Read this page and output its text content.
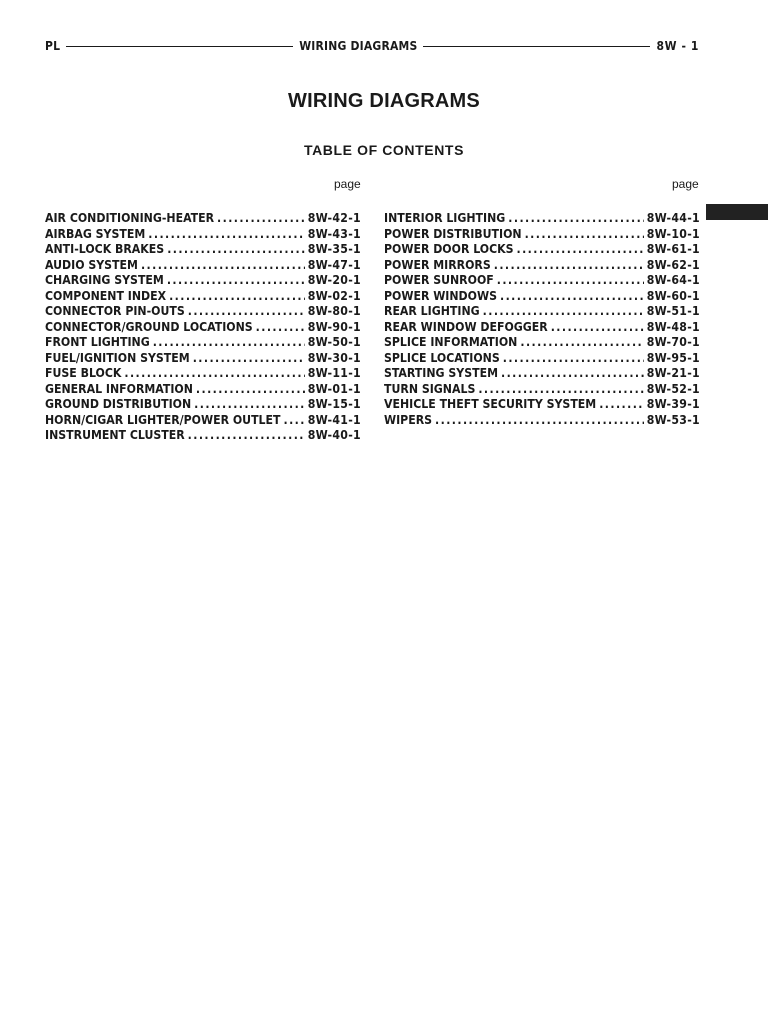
PL	WIRING DIAGRAMS	8W - 1
WIRING DIAGRAMS
TABLE OF CONTENTS
page	page
AIR CONDITIONING-HEATER . . .	8W-42-1
AIRBAG SYSTEM . . .	8W-43-1
ANTI-LOCK BRAKES . . .	8W-35-1
AUDIO SYSTEM . . .	8W-47-1
CHARGING SYSTEM . . .	8W-20-1
COMPONENT INDEX . . .	8W-02-1
CONNECTOR PIN-OUTS . . .	8W-80-1
CONNECTOR/GROUND LOCATIONS . . .	8W-90-1
FRONT LIGHTING . . .	8W-50-1
FUEL/IGNITION SYSTEM . . .	8W-30-1
FUSE BLOCK . . .	8W-11-1
GENERAL INFORMATION . . .	8W-01-1
GROUND DISTRIBUTION . . .	8W-15-1
HORN/CIGAR LIGHTER/POWER OUTLET . . . 8W-41-1
INSTRUMENT CLUSTER . . .	8W-40-1
INTERIOR LIGHTING . . .	8W-44-1
POWER DISTRIBUTION . . .	8W-10-1
POWER DOOR LOCKS . . .	8W-61-1
POWER MIRRORS . . .	8W-62-1
POWER SUNROOF . . .	8W-64-1
POWER WINDOWS . . .	8W-60-1
REAR LIGHTING . . .	8W-51-1
REAR WINDOW DEFOGGER . . .	8W-48-1
SPLICE INFORMATION . . .	8W-70-1
SPLICE LOCATIONS . . .	8W-95-1
STARTING SYSTEM . . .	8W-21-1
TURN SIGNALS . . .	8W-52-1
VEHICLE THEFT SECURITY SYSTEM . . .	8W-39-1
WIPERS . . .	8W-53-1
